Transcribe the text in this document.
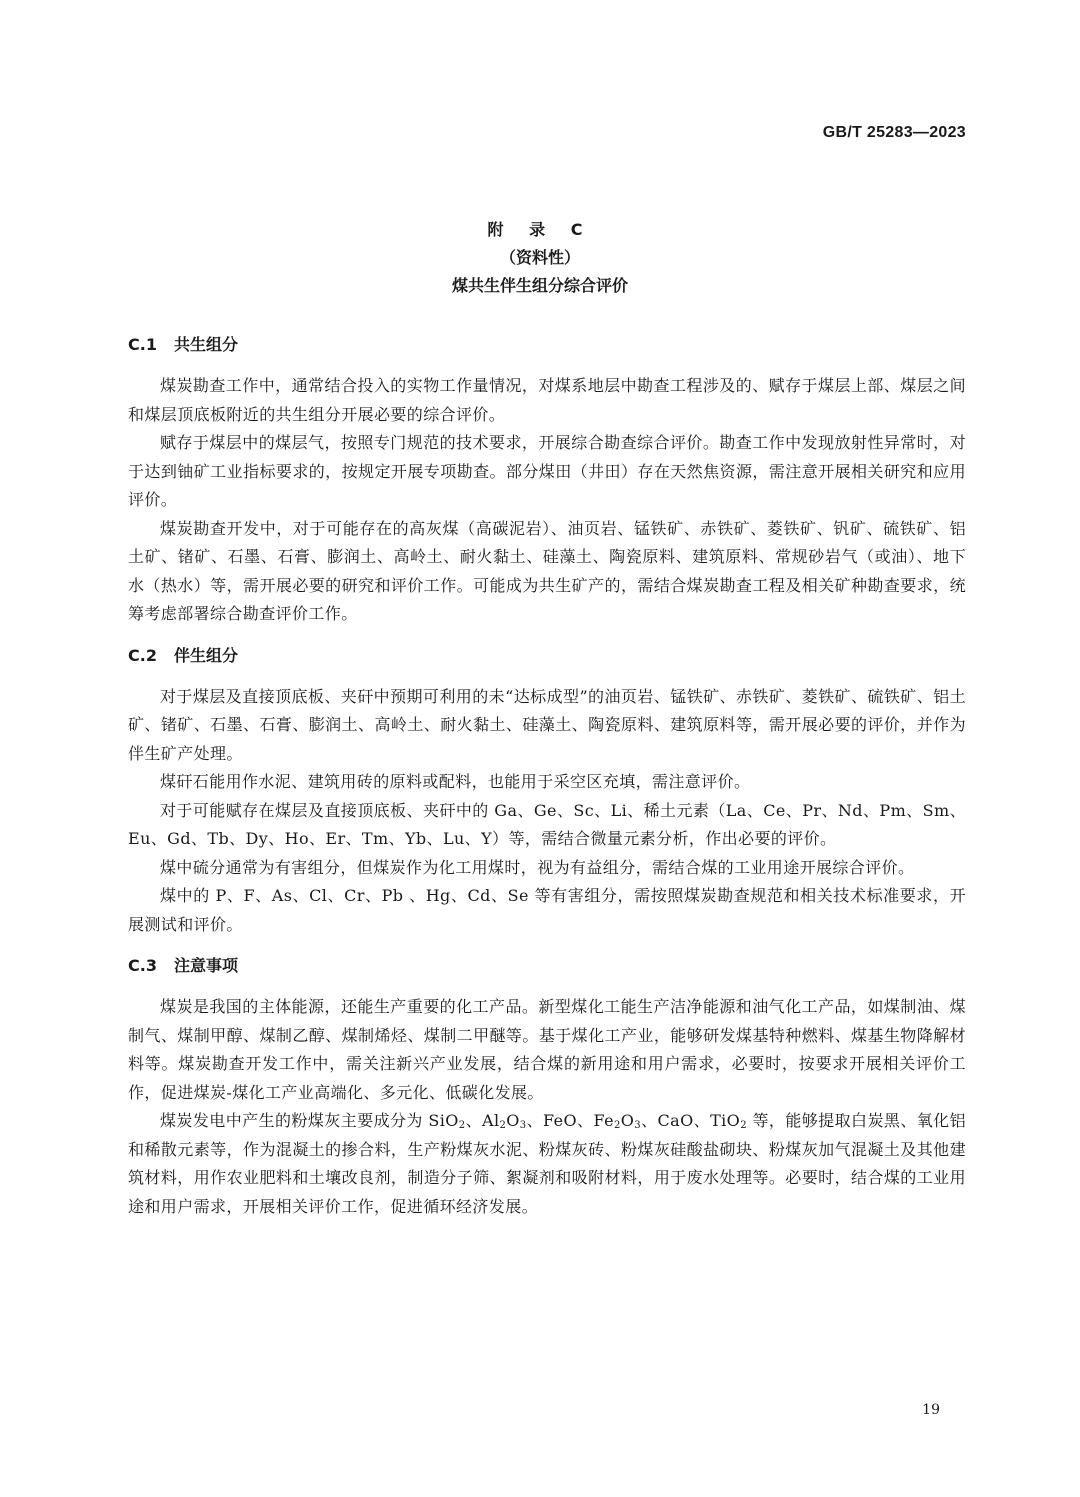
GB/T 25283—2023
附 录 C
（资料性）
煤共生伴生组分综合评价
C.1 共生组分

煤炭勘查工作中，通常结合投入的实物工作量情况，对煤系地层中勘查工程涉及的、赋存于煤层上部、煤层之间和煤层顶底板附近的共生组分开展必要的综合评价。

赋存于煤层中的煤层气，按照专门规范的技术要求，开展综合勘查综合评价。勘查工作中发现放射性异常时，对于达到铀矿工业指标要求的，按规定开展专项勘查。部分煤田（井田）存在天然焦资源，需注意开展相关研究和应用评价。

煤炭勘查开发中，对于可能存在的高灰煤（高碳泥岩）、油页岩、锰铁矿、赤铁矿、菱铁矿、钒矿、硫铁矿、铝土矿、锗矿、石墨、石膏、膨润土、高岭土、耐火黏土、硅藻土、陶瓷原料、建筑原料、常规砂岩气（或油）、地下水（热水）等，需开展必要的研究和评价工作。可能成为共生矿产的，需结合煤炭勘查工程及相关矿种勘查要求，统筹考虑部署综合勘查评价工作。

C.2 伴生组分

对于煤层及直接顶底板、夹矸中预期可利用的未“达标成型”的油页岩、锰铁矿、赤铁矿、菱铁矿、硫铁矿、铝土矿、锗矿、石墨、石膏、膨润土、高岭土、耐火黏土、硅藻土、陶瓷原料、建筑原料等，需开展必要的评价，并作为伴生矿产处理。

煤矸石能用作水泥、建筑用砖的原料或配料，也能用于采空区充填，需注意评价。

对于可能赋存在煤层及直接顶底板、夹矸中的 Ga、Ge、Sc、Li、稀土元素（La、Ce、Pr、Nd、Pm、Sm、Eu、Gd、Tb、Dy、Ho、Er、Tm、Yb、Lu、Y）等，需结合微量元素分析，作出必要的评价。

煤中硫分通常为有害组分，但煤炭作为化工用煤时，视为有益组分，需结合煤的工业用途开展综合评价。

煤中的 P、F、As、Cl、Cr、Pb 、Hg、Cd、Se 等有害组分，需按照煤炭勘查规范和相关技术标准要求，开展测试和评价。

C.3 注意事项

煤炭是我国的主体能源，还能生产重要的化工产品。新型煤化工能生产洁净能源和油气化工产品，如煤制油、煤制气、煤制甲醇、煤制乙醇、煤制烯烃、煤制二甲醚等。基于煤化工产业，能够研发煤基特种燃料、煤基生物降解材料等。煤炭勘查开发工作中，需关注新兴产业发展，结合煤的新用途和用户需求，必要时，按要求开展相关评价工作，促进煤炭-煤化工产业高端化、多元化、低碳化发展。

煤炭发电中产生的粉煤灰主要成分为 SiO$_2$、$Al_2O_3$、FeO、$Fe_2O_3$、CaO、TiO$_2$ 等，能够提取白炭黑、氧化铝和稀散元素等，作为混凝土的掺合料，生产粉煤灰水泥、粉煤灰砖、粉煤灰硅酸盐砌块、粉煤灰加气混凝土及其他建筑材料，用作农业肥料和土壤改良剂，制造分子筛、絮凝剂和吸附材料，用于废水处理等。必要时，结合煤的工业用途和用户需求，开展相关评价工作，促进循环经济发展。

19
